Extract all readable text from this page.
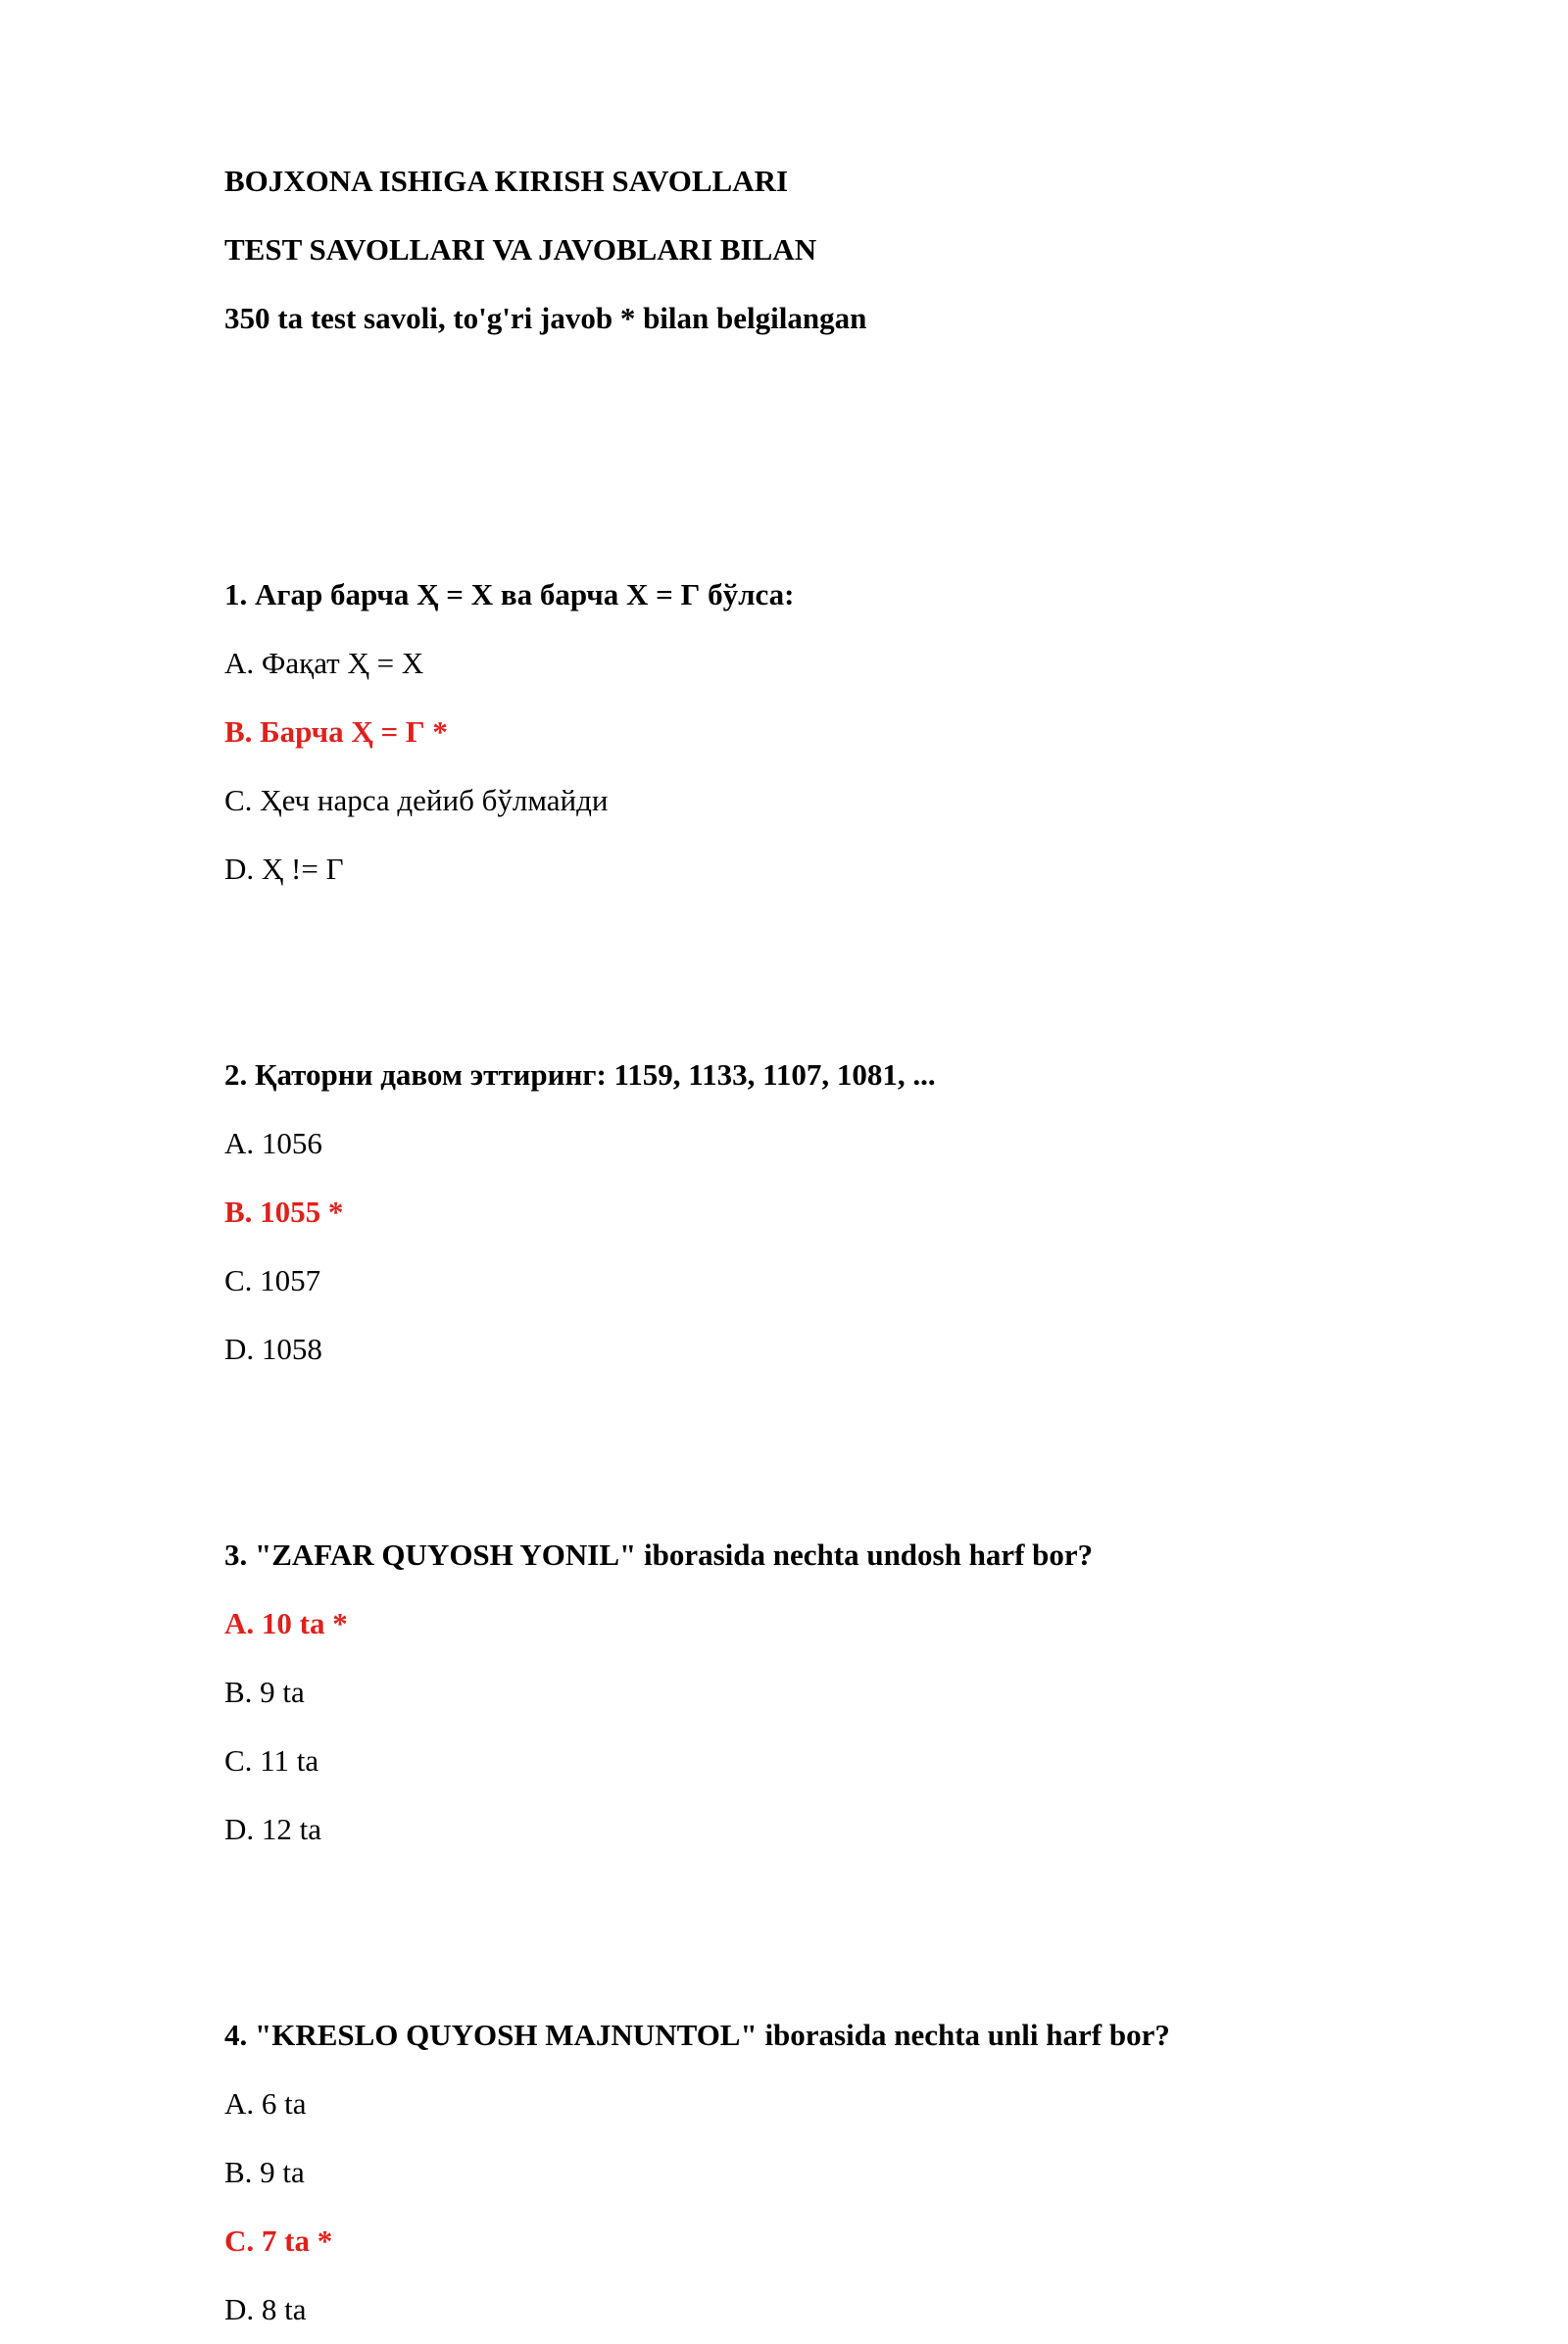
BOJXONA ISHIGA KIRISH SAVOLLARI

TEST SAVOLLARI VA JAVOBLARI BILAN

350 ta test savoli, to'g'ri javob * bilan belgilangan

1. Агар барча Ҳ = Х ва барча Х = Г бўлса:

A. Фақат Ҳ = Х

B. Барча Ҳ = Г *

C. Ҳеч нарса дейиб бўлмайди

D. Ҳ != Г

2. Қаторни давом эттиринг: 1159, 1133, 1107, 1081, ...

A. 1056

B. 1055 *

C. 1057

D. 1058

3. "ZAFAR QUYOSH YONIL" iborasida nechta undosh harf bor?

A. 10 ta *

B. 9 ta

C. 11 ta

D. 12 ta

4. "KRESLO QUYOSH MAJNUNTOL" iborasida nechta unli harf bor?

A. 6 ta

B. 9 ta

C. 7 ta *

D. 8 ta
